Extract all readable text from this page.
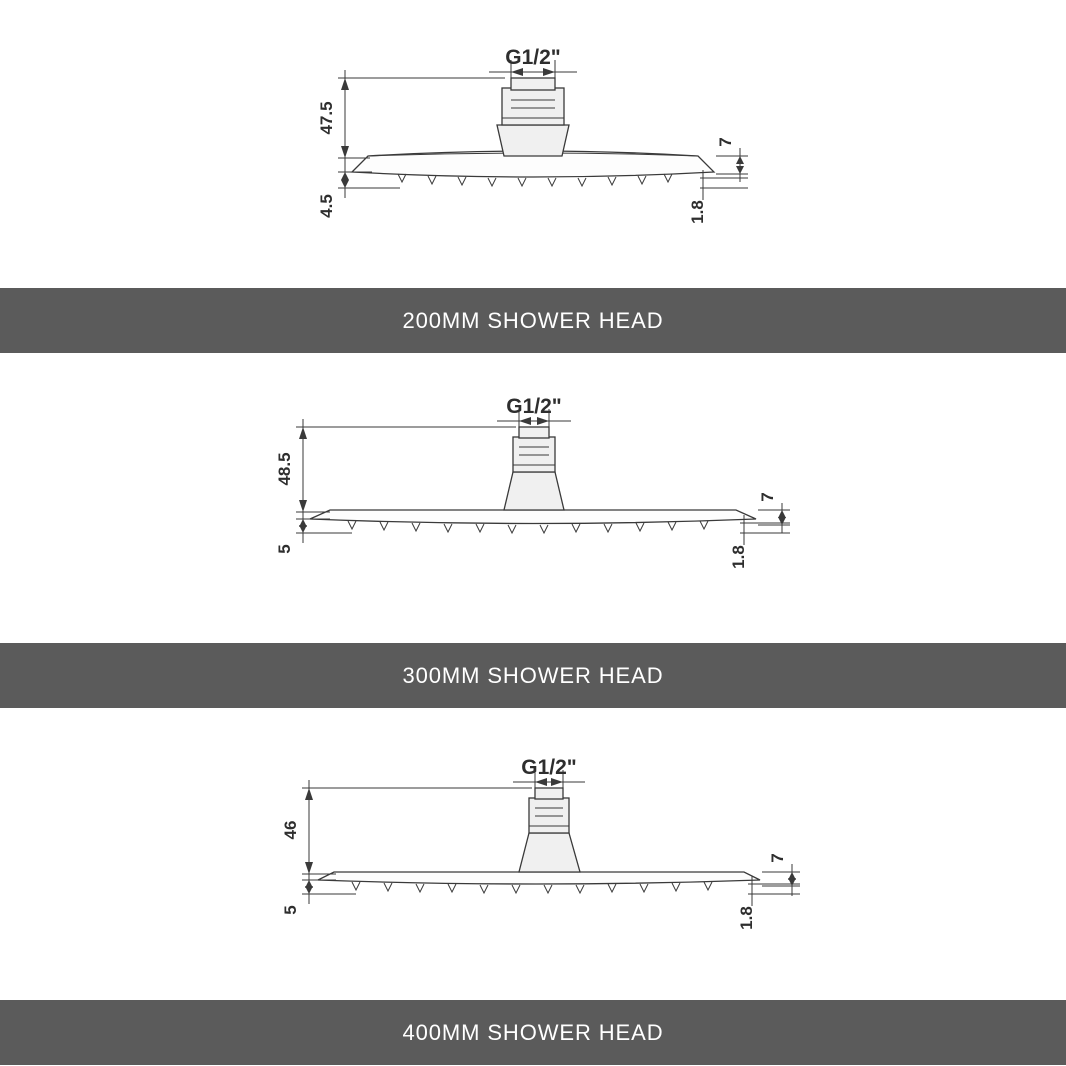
G1/2"
47.5
4.5	1.8
7
200MM SHOWER HEAD
G1/2"
48.5
5	1.8
7
300MM SHOWER HEAD
G1/2"
46
5	1.8
7
400MM SHOWER HEAD
